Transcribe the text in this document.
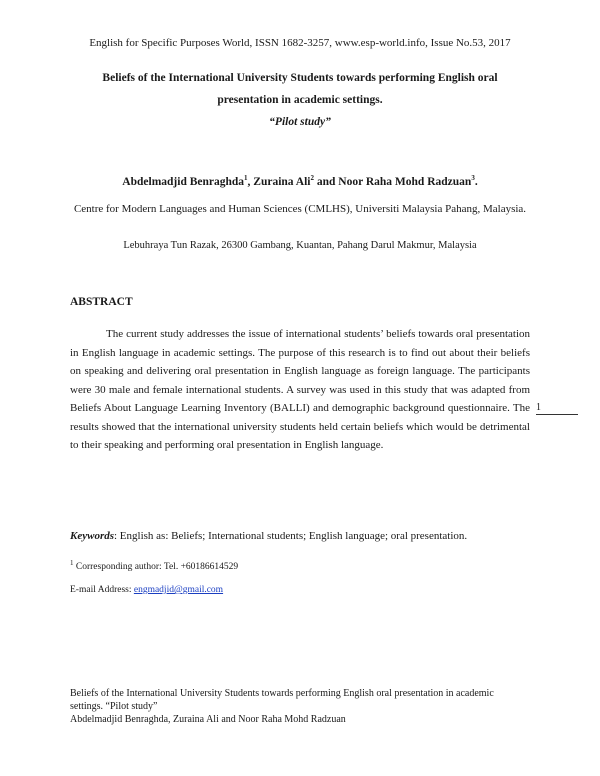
English for Specific Purposes World, ISSN 1682-3257, www.esp-world.info, Issue No.53, 2017
Beliefs of the International University Students towards performing English oral
presentation in academic settings.
“Pilot study”
Abdelmadjid Benraghda$^1$, Zuraina Ali$^2$ and Noor Raha Mohd Radzuan$^3$.
Centre for Modern Languages and Human Sciences (CMLHS), Universiti Malaysia Pahang, Malaysia.
Lebuhraya Tun Razak, 26300 Gambang, Kuantan, Pahang Darul Makmur, Malaysia
ABSTRACT

The current study addresses the issue of international students’ beliefs towards oral presentation in English language in academic settings. The purpose of this research is to find out about their beliefs on speaking and delivering oral presentation in English language as foreign language. The participants were 30 male and female international students. A survey was used in this study that was adapted from Beliefs About Language Learning Inventory (BALLI) and demographic background questionnaire. The results showed that the international university students held certain beliefs which would be detrimental to their speaking and performing oral presentation in English language.

1
Keywords: English as: Beliefs; International students; English language; oral presentation.
$^1$ Corresponding author: Tel. +60186614529
E-mail Address: engmadjid@gmail.com
Beliefs of the International University Students towards performing English oral presentation in academic
settings. “Pilot study”
Abdelmadjid Benraghda, Zuraina Ali and Noor Raha Mohd Radzuan
